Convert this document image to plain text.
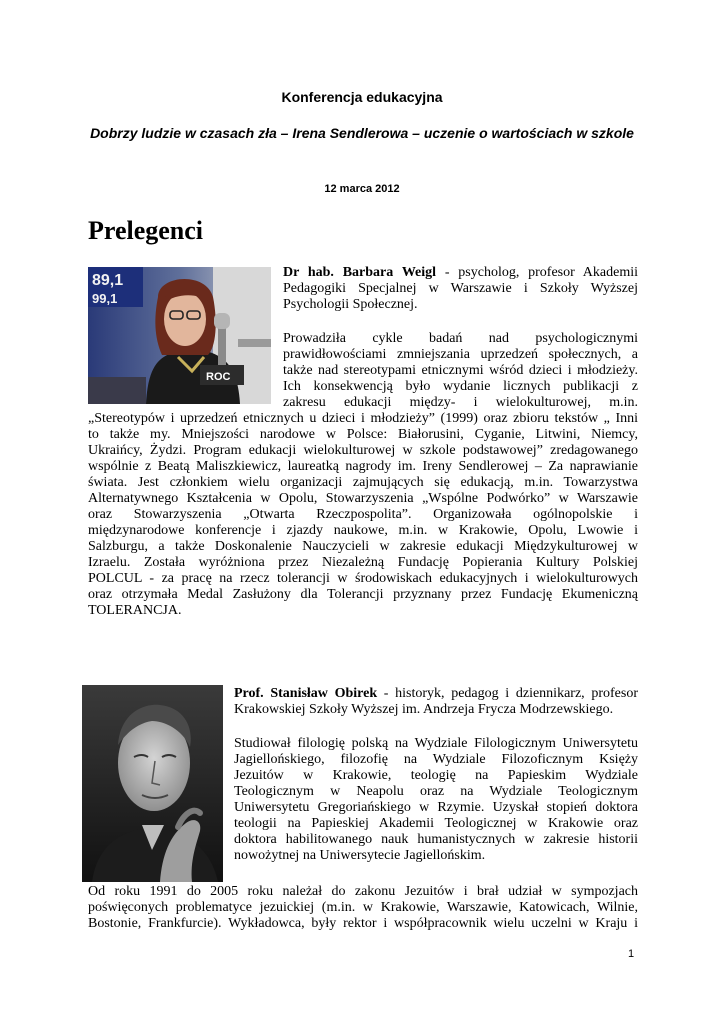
Konferencja edukacyjna
Dobrzy ludzie w czasach zła – Irena Sendlerowa – uczenie o wartościach w szkole
12 marca 2012
Prelegenci
89,1
99,1
ROC
Dr hab. Barbara Weigl - psycholog, profesor Akademii
Pedagogiki Specjalnej w Warszawie i Szkoły Wyższej
Psychologii Społecznej.
Prowadziła cykle badań nad psychologicznymi
prawidłowościami zmniejszania uprzedzeń społecznych, a
także nad stereotypami etnicznymi wśród dzieci i młodzieży.
Ich konsekwencją było wydanie licznych publikacji z
zakresu edukacji między- i wielokulturowej, m.in.
„Stereotypów i uprzedzeń etnicznych u dzieci i młodzieży” (1999) oraz zbioru tekstów „ Inni
to także my. Mniejszości narodowe w Polsce: Białorusini, Cyganie, Litwini, Niemcy,
Ukraińcy, Żydzi. Program edukacji wielokulturowej w szkole podstawowej” zredagowanego
wspólnie z Beatą Maliszkiewicz, laureatką nagrody im. Ireny Sendlerowej – Za naprawianie
świata. Jest członkiem wielu organizacji zajmujących się edukacją, m.in. Towarzystwa
Alternatywnego Kształcenia w Opolu, Stowarzyszenia „Wspólne Podwórko” w Warszawie
oraz Stowarzyszenia „Otwarta Rzeczpospolita”. Organizowała ogólnopolskie i
międzynarodowe konferencje i zjazdy naukowe, m.in. w Krakowie, Opolu, Lwowie i
Salzburgu, a także Doskonalenie Nauczycieli w zakresie edukacji Międzykulturowej w
Izraelu. Została wyróżniona przez Niezależną Fundację Popierania Kultury Polskiej
POLCUL - za pracę na rzecz tolerancji w środowiskach edukacyjnych i wielokulturowych
oraz otrzymała Medal Zasłużony dla Tolerancji przyznany przez Fundację Ekumeniczną
TOLERANCJA.
Prof. Stanisław Obirek - historyk, pedagog i dziennikarz, profesor
Krakowskiej Szkoły Wyższej im. Andrzeja Frycza Modrzewskiego.
Studiował filologię polską na Wydziale Filologicznym Uniwersytetu
Jagiellońskiego, filozofię na Wydziale Filozoficznym Księży
Jezuitów w Krakowie, teologię na Papieskim Wydziale
Teologicznym w Neapolu oraz na Wydziale Teologicznym
Uniwersytetu Gregoriańskiego w Rzymie. Uzyskał stopień doktora
teologii na Papieskiej Akademii Teologicznej w Krakowie oraz
doktora habilitowanego nauk humanistycznych w zakresie historii
nowożytnej na Uniwersytecie Jagiellońskim.
Od roku 1991 do 2005 roku należał do zakonu Jezuitów i brał udział w sympozjach
poświęconych problematyce jezuickiej (m.in. w Krakowie, Warszawie, Katowicach, Wilnie,
Bostonie, Frankfurcie). Wykładowca, były rektor i współpracownik wielu uczelni w Kraju i
1
